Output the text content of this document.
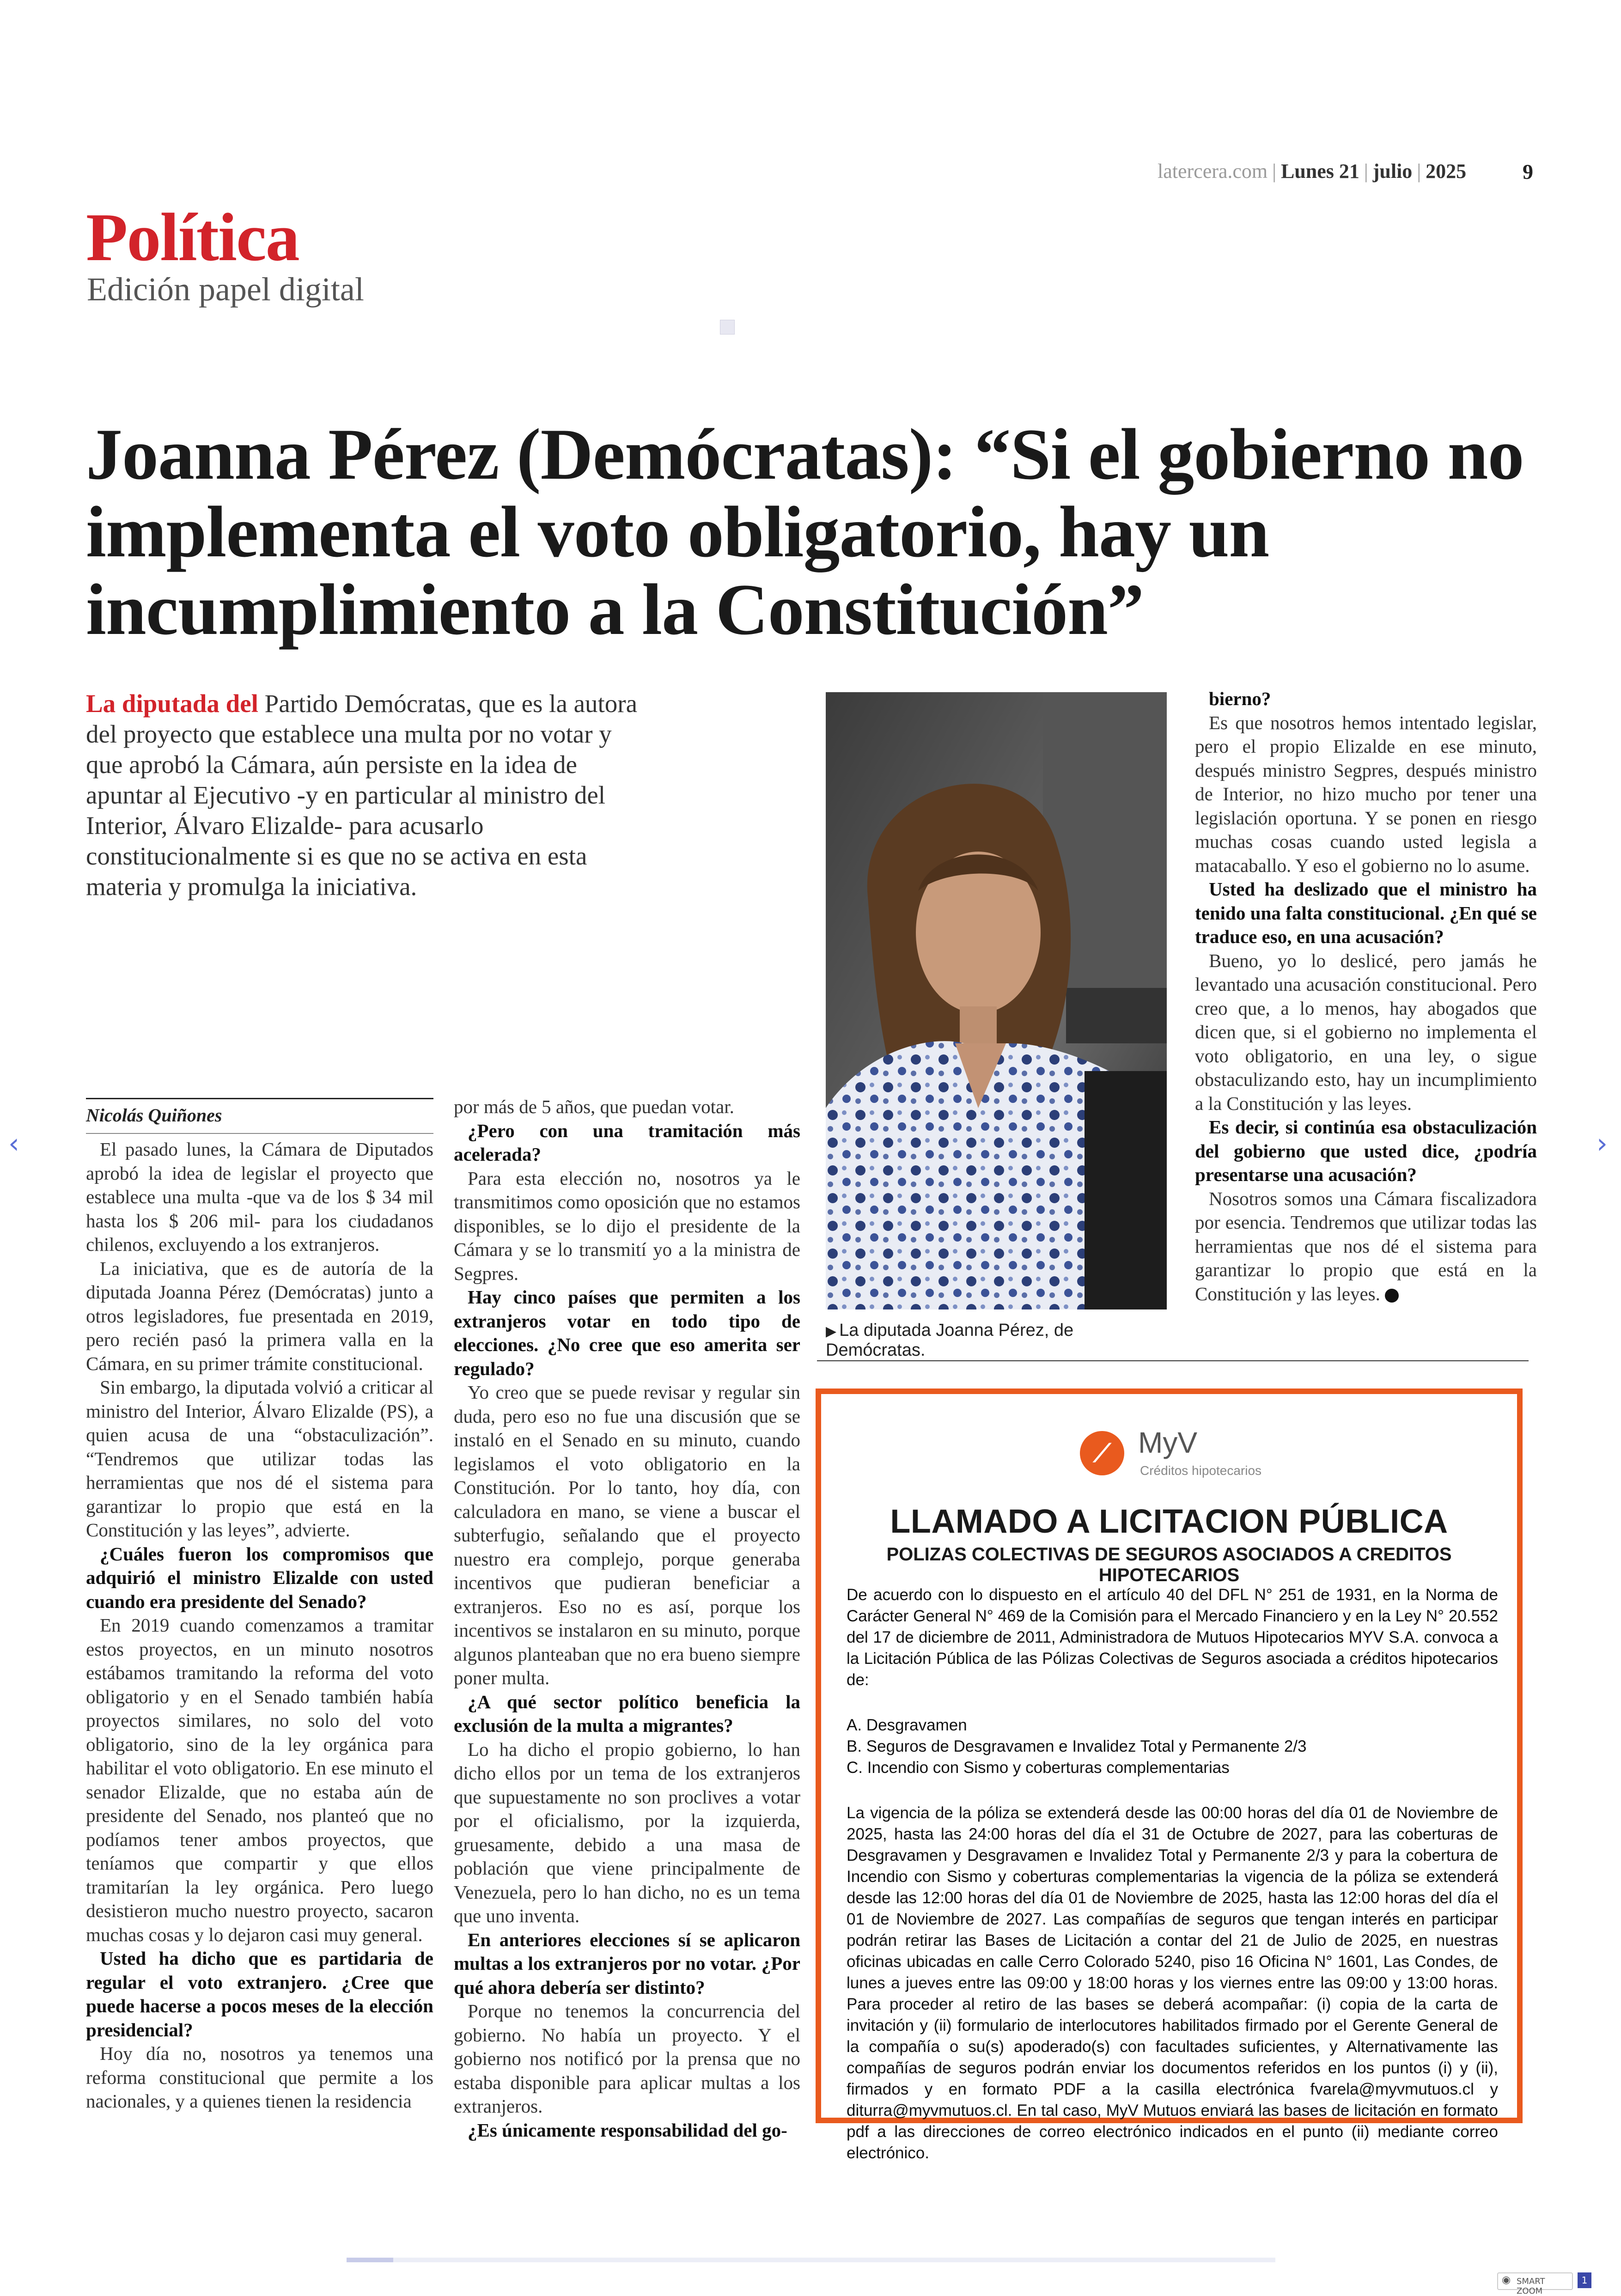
latercera.com | Lunes 21 | julio | 2025	9
Política
Edición papel digital
Joanna Pérez (Demócratas): “Si el gobierno no implementa el voto obligatorio, hay un incumplimiento a la Constitución”
La diputada del Partido Demócratas, que es la autora del proyecto que establece una multa por no votar y que aprobó la Cámara, aún persiste en la idea de apuntar al Ejecutivo -y en particular al ministro del Interior, Álvaro Elizalde- para acusarlo constitucionalmente si es que no se activa en esta materia y promulga la iniciativa.
▶ La diputada Joanna Pérez, de Demócratas.
Nicolás Quiñones

El pasado lunes, la Cámara de Diputados aprobó la idea de legislar el proyecto que establece una multa -que va de los $ 34 mil hasta los $ 206 mil- para los ciudadanos chilenos, excluyendo a los extranjeros.

La iniciativa, que es de autoría de la diputada Joanna Pérez (Demócratas) junto a otros legisladores, fue presentada en 2019, pero recién pasó la primera valla en la Cámara, en su primer trámite constitucional.

Sin embargo, la diputada volvió a criticar al ministro del Interior, Álvaro Elizalde (PS), a quien acusa de una “obstaculización”. “Tendremos que utilizar todas las herramientas que nos dé el sistema para garantizar lo propio que está en la Constitución y las leyes”, advierte.

¿Cuáles fueron los compromisos que adquirió el ministro Elizalde con usted cuando era presidente del Senado?

En 2019 cuando comenzamos a tramitar estos proyectos, en un minuto nosotros estábamos tramitando la reforma del voto obligatorio y en el Senado también había proyectos similares, no solo del voto obligatorio, sino de la ley orgánica para habilitar el voto obligatorio. En ese minuto el senador Elizalde, que no estaba aún de presidente del Senado, nos planteó que no podíamos tener ambos proyectos, que teníamos que compartir y que ellos tramitarían la ley orgánica. Pero luego desistieron mucho nuestro proyecto, sacaron muchas cosas y lo dejaron casi muy general.

Usted ha dicho que es partidaria de regular el voto extranjero. ¿Cree que puede hacerse a pocos meses de la elección presidencial?

Hoy día no, nosotros ya tenemos una reforma constitucional que permite a los nacionales, y a quienes tienen la residencia

por más de 5 años, que puedan votar.

¿Pero con una tramitación más acelerada?

Para esta elección no, nosotros ya le transmitimos como oposición que no estamos disponibles, se lo dijo el presidente de la Cámara y se lo transmití yo a la ministra de Segpres.

Hay cinco países que permiten a los extranjeros votar en todo tipo de elecciones. ¿No cree que eso amerita ser regulado?

Yo creo que se puede revisar y regular sin duda, pero eso no fue una discusión que se instaló en el Senado en su minuto, cuando legislamos el voto obligatorio en la Constitución. Por lo tanto, hoy día, con calculadora en mano, se viene a buscar el subterfugio, señalando que el proyecto nuestro era complejo, porque generaba incentivos que pudieran beneficiar a extranjeros. Eso no es así, porque los incentivos se instalaron en su minuto, porque algunos planteaban que no era bueno siempre poner multa.

¿A qué sector político beneficia la exclusión de la multa a migrantes?

Lo ha dicho el propio gobierno, lo han dicho ellos por un tema de los extranjeros que supuestamente no son proclives a votar por el oficialismo, por la izquierda, gruesamente, debido a una masa de población que viene principalmente de Venezuela, pero lo han dicho, no es un tema que uno inventa.

En anteriores elecciones sí se aplicaron multas a los extranjeros por no votar. ¿Por qué ahora debería ser distinto?

Porque no tenemos la concurrencia del gobierno. No había un proyecto. Y el gobierno nos notificó por la prensa que no estaba disponible para aplicar multas a los extranjeros.

¿Es únicamente responsabilidad del go-

bierno?

Es que nosotros hemos intentado legislar, pero el propio Elizalde en ese minuto, después ministro Segpres, después ministro de Interior, no hizo mucho por tener una legislación oportuna. Y se ponen en riesgo muchas cosas cuando usted legisla a matacaballo. Y eso el gobierno no lo asume.

Usted ha deslizado que el ministro ha tenido una falta constitucional. ¿En qué se traduce eso, en una acusación?

Bueno, yo lo deslicé, pero jamás he levantado una acusación constitucional. Pero creo que, a lo menos, hay abogados que dicen que, si el gobierno no implementa el voto obligatorio, en una ley, o sigue obstaculizando esto, hay un incumplimiento a la Constitución y las leyes.

Es decir, si continúa esa obstaculización del gobierno que usted dice, ¿podría presentarse una acusación?

Nosotros somos una Cámara fiscalizadora por esencia. Tendremos que utilizar todas las herramientas que nos dé el sistema para garantizar lo propio que está en la Constitución y las leyes.

⟋ MyV
Créditos hipotecarios
LLAMADO A LICITACION PÚBLICA
POLIZAS COLECTIVAS DE SEGUROS ASOCIADOS A CREDITOS HIPOTECARIOS

De acuerdo con lo dispuesto en el artículo 40 del DFL N° 251 de 1931, en la Norma de Carácter General N° 469 de la Comisión para el Mercado Financiero y en la Ley N° 20.552 del 17 de diciembre de 2011, Administradora de Mutuos Hipotecarios MYV S.A. convoca a la Licitación Pública de las Pólizas Colectivas de Seguros asociada a créditos hipotecarios de:

A. Desgravamen

B. Seguros de Desgravamen e Invalidez Total y Permanente 2/3

C. Incendio con Sismo y coberturas complementarias

La vigencia de la póliza se extenderá desde las 00:00 horas del día 01 de Noviembre de 2025, hasta las 24:00 horas del día el 31 de Octubre de 2027, para las coberturas de Desgravamen y Desgravamen e Invalidez Total y Permanente 2/3 y para la cobertura de Incendio con Sismo y coberturas complementarias la vigencia de la póliza se extenderá desde las 12:00 horas del día 01 de Noviembre de 2025, hasta las 12:00 horas del día el 01 de Noviembre de 2027. Las compañías de seguros que tengan interés en participar podrán retirar las Bases de Licitación a contar del 21 de Julio de 2025, en nuestras oficinas ubicadas en calle Cerro Colorado 5240, piso 16 Oficina N° 1601, Las Condes, de lunes a jueves entre las 09:00 y 18:00 horas y los viernes entre las 09:00 y 13:00 horas. Para proceder al retiro de las bases se deberá acompañar: (i) copia de la carta de invitación y (ii) formulario de interlocutores habilitados firmado por el Gerente General de la compañía o su(s) apoderado(s) con facultades suficientes, y Alternativamente las compañías de seguros podrán enviar los documentos referidos en los puntos (i) y (ii), firmados y en formato PDF a la casilla electrónica fvarela@myvmutuos.cl y diturra@myvmutuos.cl. En tal caso, MyV Mutuos enviará las bases de licitación en formato pdf a las direcciones de correo electrónico indicados en el punto (ii) mediante correo electrónico.

‹	›
◉ SMART ZOOM
1
